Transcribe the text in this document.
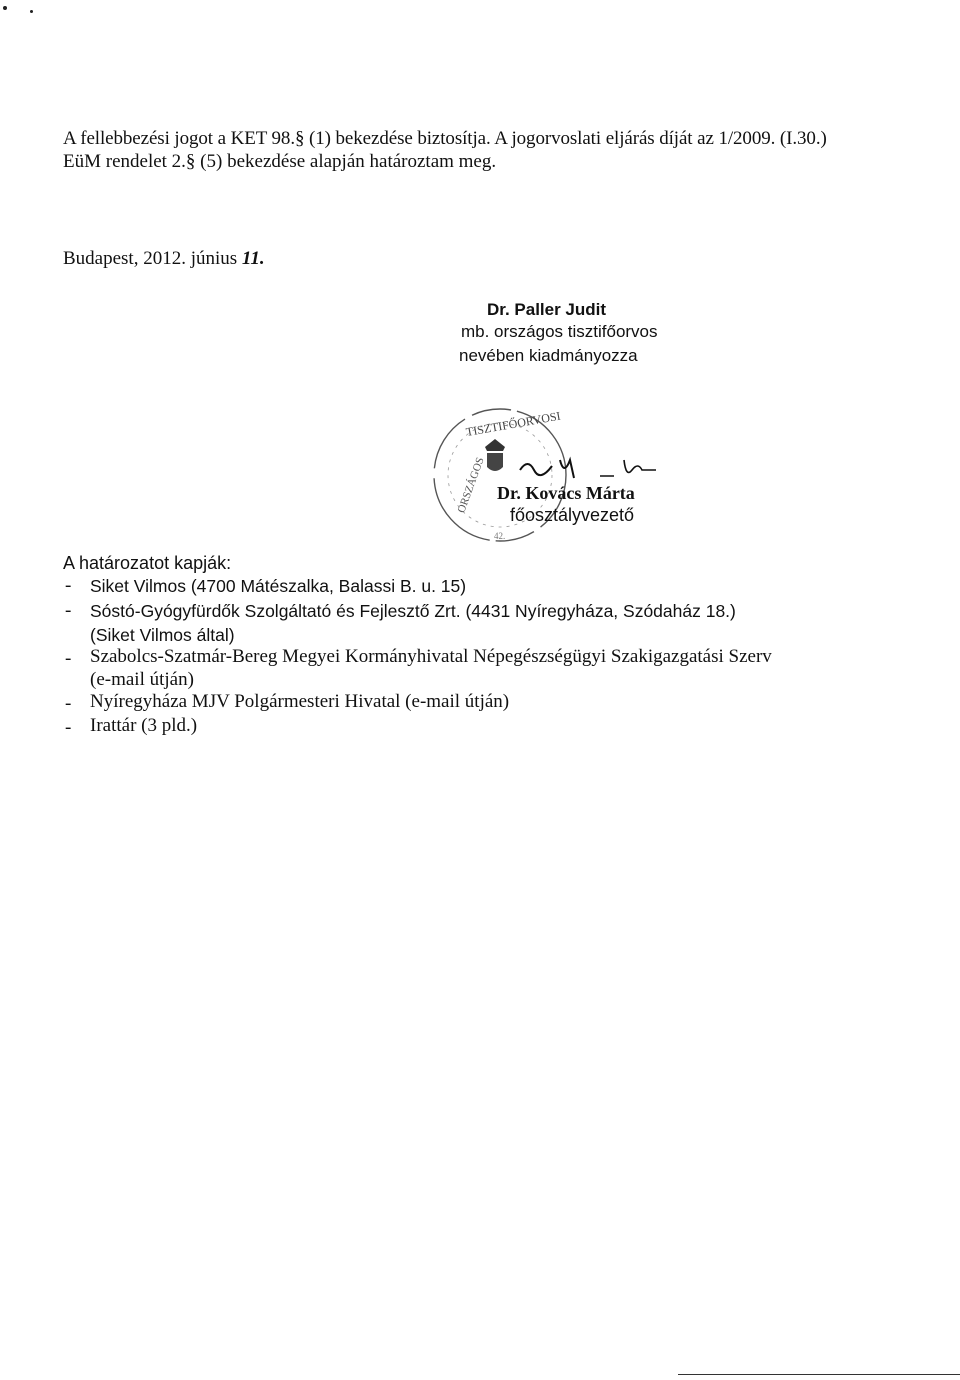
A fellebbezési jogot a KET 98.§ (1) bekezdése biztosítja. A jogorvoslati eljárás díját az 1/2009. (I.30.)
EüM rendelet 2.§ (5) bekezdése alapján határoztam meg.
Budapest, 2012. június 11.
Dr. Paller Judit
mb. országos tisztifőorvos
nevében kiadmányozza
TISZTIFŐORVOSI
ORSZÁGOS
42.
Dr. Kovács Márta
főosztályvezető
A határozatot kapják:
- Siket Vilmos (4700 Mátészalka, Balassi B. u. 15)
- Sóstó-Gyógyfürdők Szolgáltató és Fejlesztő Zrt. (4431 Nyíregyháza, Szódaház 18.)
(Siket Vilmos által)
- Szabolcs-Szatmár-Bereg Megyei Kormányhivatal Népegészségügyi Szakigazgatási Szerv
(e-mail útján)
- Nyíregyháza MJV Polgármesteri Hivatal (e-mail útján)
- Irattár (3 pld.)
